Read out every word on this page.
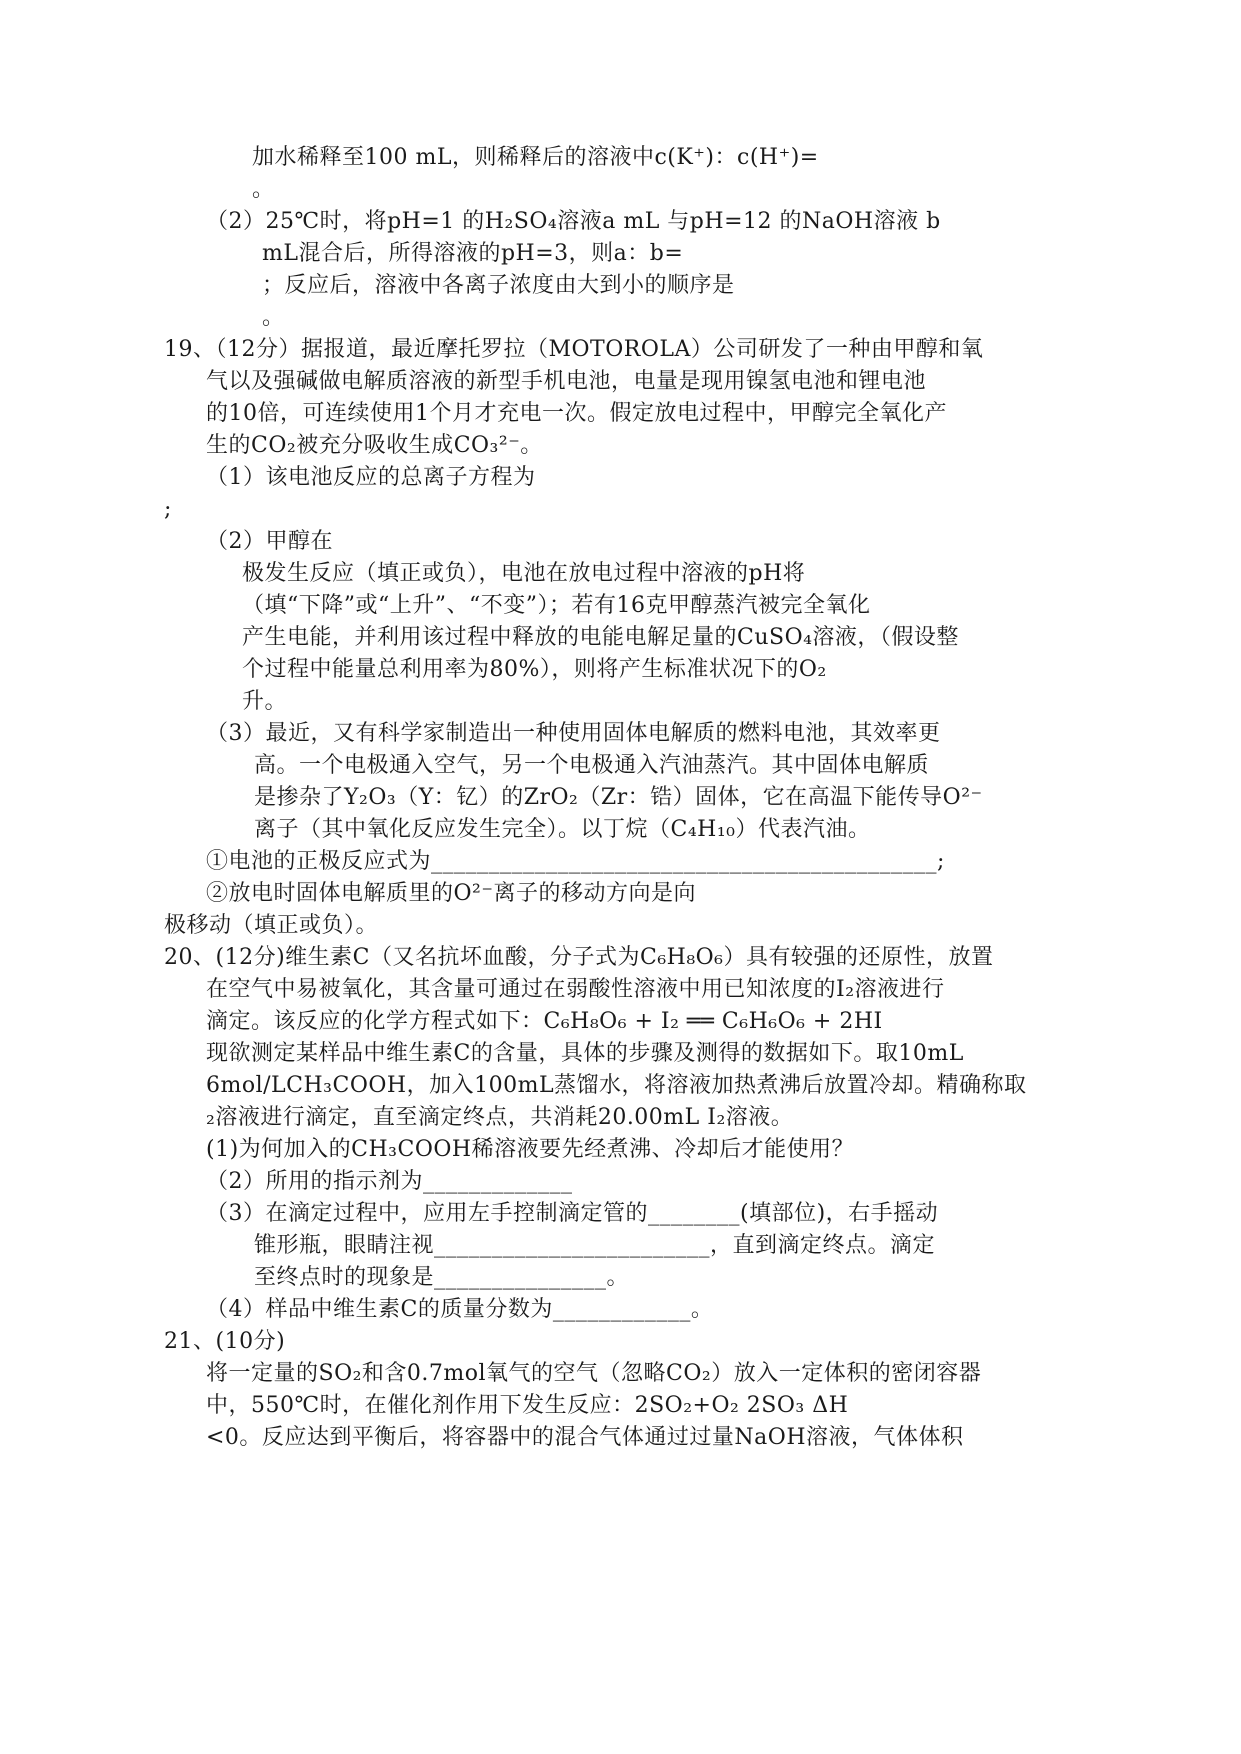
加水稀释至100 mL，则稀释后的溶液中c(K⁺)：c(H⁺)=
。
（2）25℃时，将pH=1 的H₂SO₄溶液a mL 与pH=12 的NaOH溶液 b
mL混合后，所得溶液的pH=3，则a：b=
；反应后，溶液中各离子浓度由大到小的顺序是
。
19、（12分）据报道，最近摩托罗拉（MOTOROLA）公司研发了一种由甲醇和氧
气以及强碱做电解质溶液的新型手机电池，电量是现用镍氢电池和锂电池
的10倍，可连续使用1个月才充电一次。假定放电过程中，甲醇完全氧化产
生的CO₂被充分吸收生成CO₃²⁻。
（1）该电池反应的总离子方程为
;
（2）甲醇在
极发生反应（填正或负），电池在放电过程中溶液的pH将
（填“下降”或“上升”、“不变”）；若有16克甲醇蒸汽被完全氧化
产生电能，并利用该过程中释放的电能电解足量的CuSO₄溶液，（假设整
个过程中能量总利用率为80%），则将产生标准状况下的O₂
升。
（3）最近，又有科学家制造出一种使用固体电解质的燃料电池，其效率更
高。一个电极通入空气，另一个电极通入汽油蒸汽。其中固体电解质
是掺杂了Y₂O₃（Y：钇）的ZrO₂（Zr：锆）固体，它在高温下能传导O²⁻
离子（其中氧化反应发生完全）。以丁烷（C₄H₁₀）代表汽油。
①电池的正极反应式为____________________________________________;
②放电时固体电解质里的O²⁻离子的移动方向是向
极移动（填正或负）。
20、(12分)维生素C（又名抗坏血酸，分子式为C₆H₈O₆）具有较强的还原性，放置
在空气中易被氧化，其含量可通过在弱酸性溶液中用已知浓度的I₂溶液进行
滴定。该反应的化学方程式如下：C₆H₈O₆ + I₂ ══ C₆H₆O₆ + 2HI
现欲测定某样品中维生素C的含量，具体的步骤及测得的数据如下。取10mL
6mol/LCH₃COOH，加入100mL蒸馏水，将溶液加热煮沸后放置冷却。精确称取
₂溶液进行滴定，直至滴定终点，共消耗20.00mL I₂溶液。
(1)为何加入的CH₃COOH稀溶液要先经煮沸、冷却后才能使用？
（2）所用的指示剂为_____________
（3）在滴定过程中，应用左手控制滴定管的________(填部位)，右手摇动
锥形瓶，眼睛注视________________________，直到滴定终点。滴定
至终点时的现象是_______________。
（4）样品中维生素C的质量分数为____________。
21、(10分)
将一定量的SO₂和含0.7mol氧气的空气（忽略CO₂）放入一定体积的密闭容器
中，550℃时，在催化剂作用下发生反应：2SO₂+O₂ 2SO₃ ΔH
<0。反应达到平衡后，将容器中的混合气体通过过量NaOH溶液，气体体积
